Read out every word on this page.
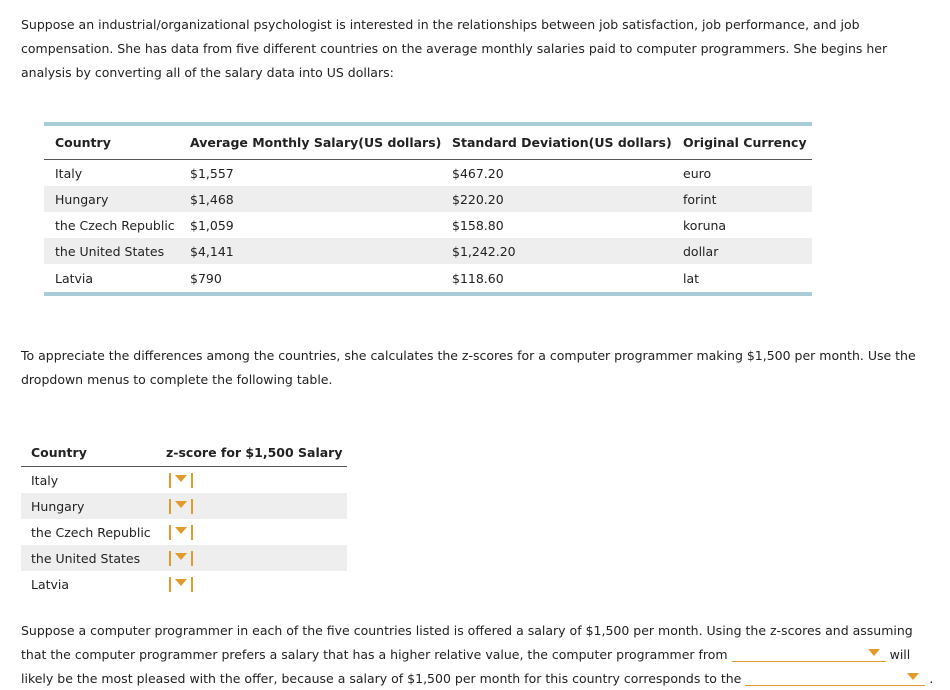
Suppose an industrial/organizational psychologist is interested in the relationships between job satisfaction, job performance, and job compensation. She has data from five different countries on the average monthly salaries paid to computer programmers. She begins her analysis by converting all of the salary data into US dollars:

Country	Average Monthly Salary(US dollars)	Standard Deviation(US dollars)	Original Currency
Italy	$1,557	$467.20	euro
Hungary	$1,468	$220.20	forint
the Czech Republic	$1,059	$158.80	koruna
the United States	$4,141	$1,242.20	dollar
Latvia	$790	$118.60	lat

To appreciate the differences among the countries, she calculates the z-scores for a computer programmer making $1,500 per month. Use the dropdown menus to complete the following table.

Country	z-score for $1,500 Salary
Italy	

Hungary	

the Czech Republic	

the United States	

Latvia	

Suppose a computer programmer in each of the five countries listed is offered a salary of $1,500 per month. Using the z-scores and assuming that the computer programmer prefers a salary that has a higher relative value, the computer programmer from	will likely be the most pleased with the offer, because a salary of $1,500 per month for this country corresponds to the	.
